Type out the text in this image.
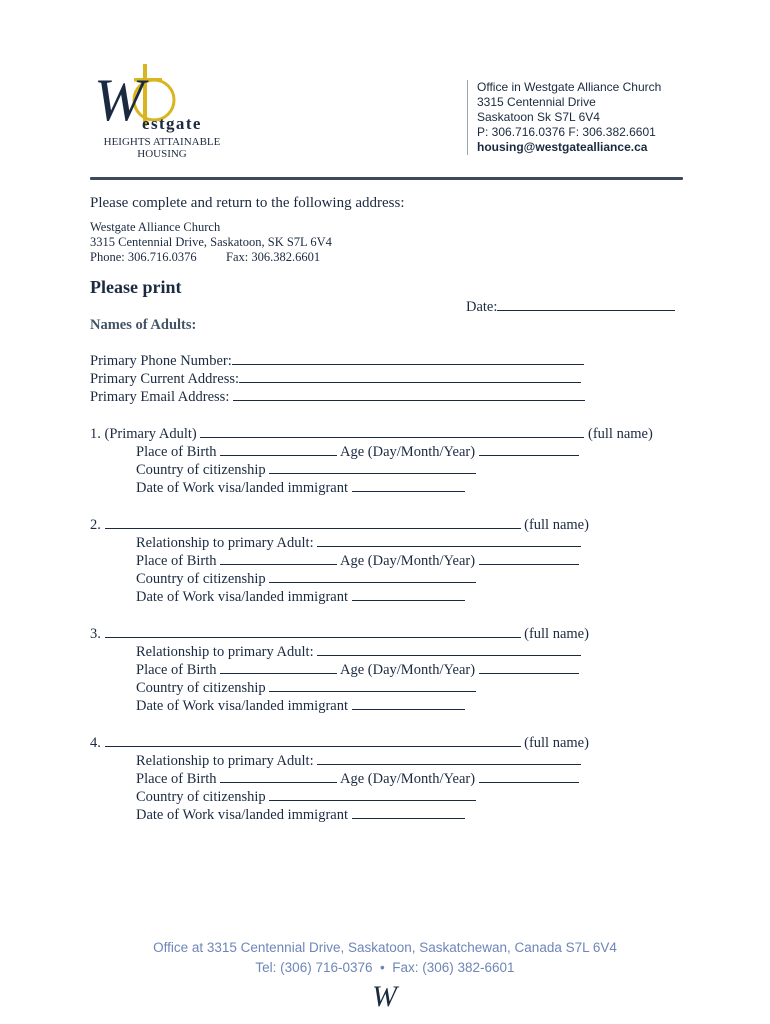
W
estgate
HEIGHTS ATTAINABLE
HOUSING
Office in Westgate Alliance Church
3315 Centennial Drive
Saskatoon Sk S7L 6V4
P: 306.716.0376 F: 306.382.6601
housing@westgatealliance.ca
Please complete and return to the following address:
Westgate Alliance Church
3315 Centennial Drive, Saskatoon, SK S7L 6V4
Phone: 306.716.0376 Fax: 306.382.6601
Please print
Date:
Names of Adults:
Primary Phone Number:
Primary Current Address:
Primary Email Address:
1. (Primary Adult)	(full name)
Place of Birth	Age (Day/Month/Year)
Country of citizenship
Date of Work visa/landed immigrant
2.	(full name)
Relationship to primary Adult:
Place of Birth	Age (Day/Month/Year)
Country of citizenship
Date of Work visa/landed immigrant
3.	(full name)
Relationship to primary Adult:
Place of Birth	Age (Day/Month/Year)
Country of citizenship
Date of Work visa/landed immigrant
4.	(full name)
Relationship to primary Adult:
Place of Birth	Age (Day/Month/Year)
Country of citizenship
Date of Work visa/landed immigrant
Office at 3315 Centennial Drive, Saskatoon, Saskatchewan, Canada S7L 6V4
Tel: (306) 716-0376  •  Fax: (306) 382-6601
W
